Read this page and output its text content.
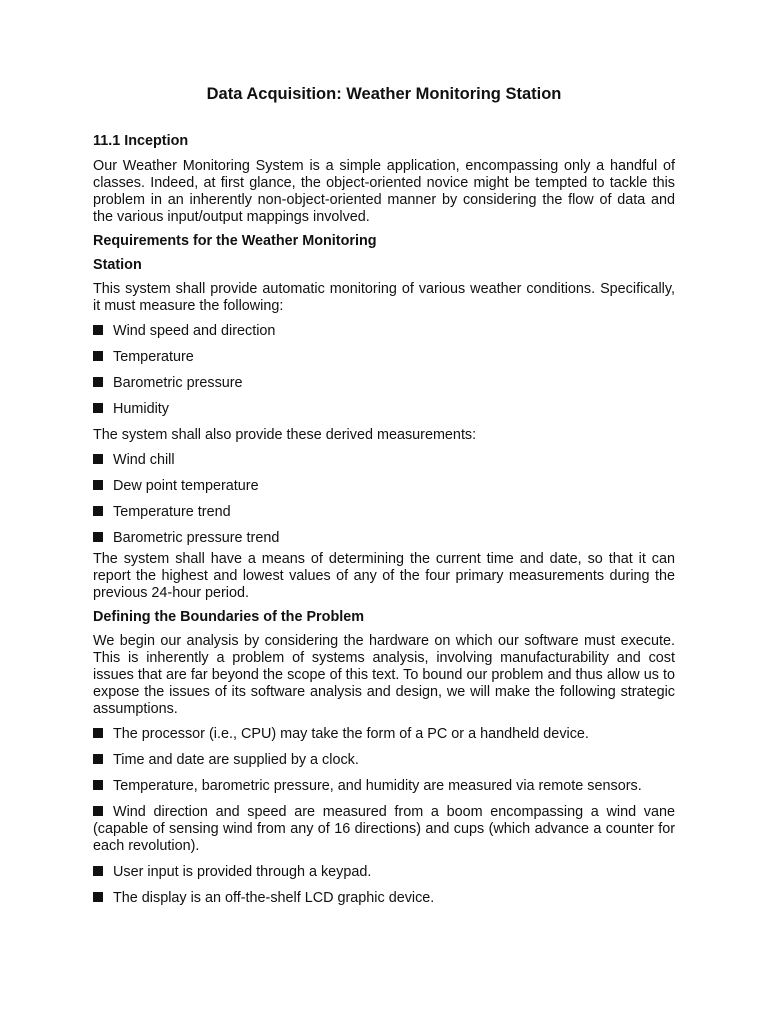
Data Acquisition: Weather Monitoring Station
11.1 Inception
Our Weather Monitoring System is a simple application, encompassing only a handful of classes. Indeed, at first glance, the object-oriented novice might be tempted to tackle this problem in an inherently non-object-oriented manner by considering the flow of data and the various input/output mappings involved.
Requirements for the Weather Monitoring
Station
This system shall provide automatic monitoring of various weather conditions. Specifically, it must measure the following:
Wind speed and direction
Temperature
Barometric pressure
Humidity
The system shall also provide these derived measurements:
Wind chill
Dew point temperature
Temperature trend
Barometric pressure trend
The system shall have a means of determining the current time and date, so that it can report the highest and lowest values of any of the four primary measurements during the previous 24-hour period.
Defining the Boundaries of the Problem
We begin our analysis by considering the hardware on which our software must execute. This is inherently a problem of systems analysis, involving manufacturability and cost issues that are far beyond the scope of this text. To bound our problem and thus allow us to expose the issues of its software analysis and design, we will make the following strategic assumptions.
The processor (i.e., CPU) may take the form of a PC or a handheld device.
Time and date are supplied by a clock.
Temperature, barometric pressure, and humidity are measured via remote sensors.
Wind direction and speed are measured from a boom encompassing a wind vane (capable of sensing wind from any of 16 directions) and cups (which advance a counter for each revolution).
User input is provided through a keypad.
The display is an off-the-shelf LCD graphic device.
